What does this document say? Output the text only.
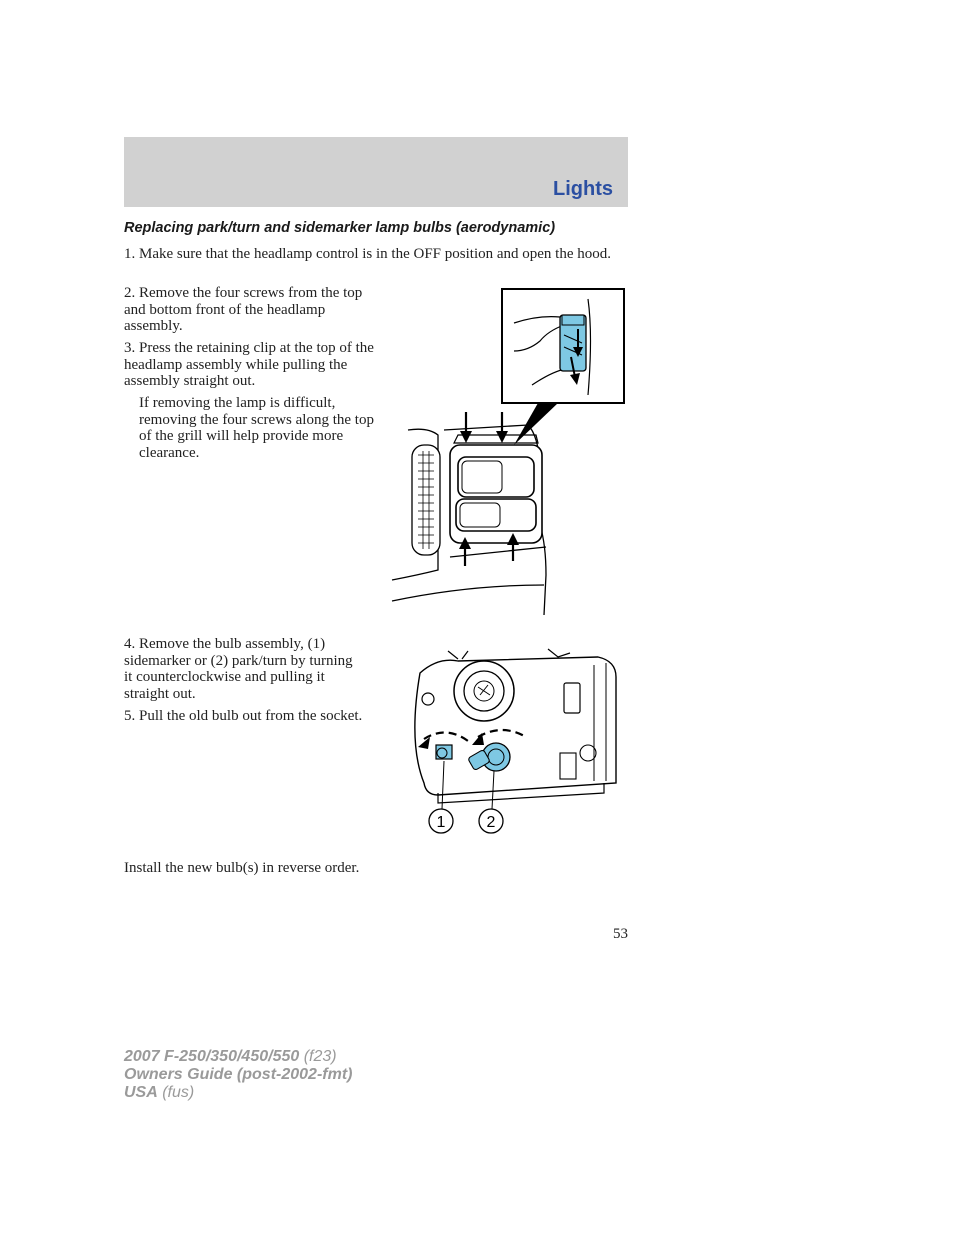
Lights
Replacing park/turn and sidemarker lamp bulbs (aerodynamic)

1. Make sure that the headlamp control is in the OFF position and open the hood.

2. Remove the four screws from the top and bottom front of the headlamp assembly.

3. Press the retaining clip at the top of the headlamp assembly while pulling the assembly straight out.

If removing the lamp is difficult, removing the four screws along the top of the grill will help provide more clearance.

4. Remove the bulb assembly, (1) sidemarker or (2) park/turn by turning it counterclockwise and pulling it straight out.

5. Pull the old bulb out from the socket.

1	2

Install the new bulb(s) in reverse order.

53
2007 F-250/350/450/550 (f23)
Owners Guide (post-2002-fmt)
USA (fus)
